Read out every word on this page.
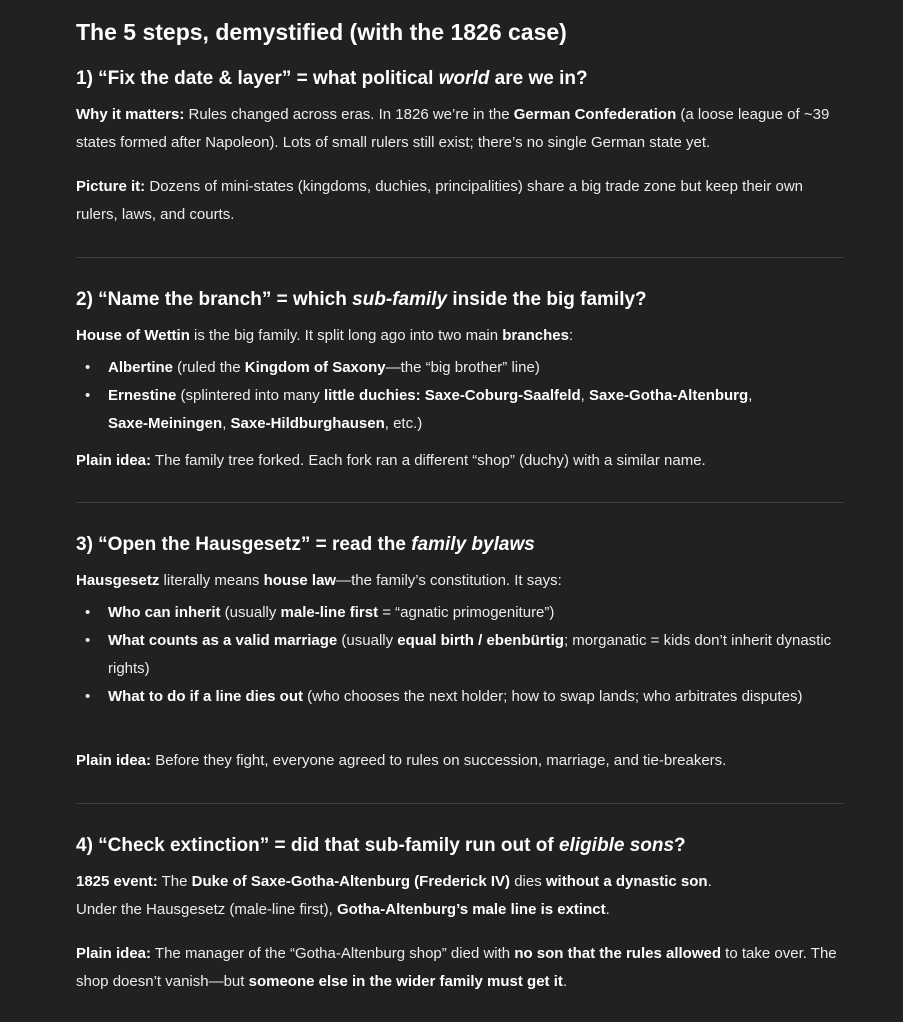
The 5 steps, demystified (with the 1826 case)
1) “Fix the date & layer” = what political world are we in?

Why it matters: Rules changed across eras. In 1826 we’re in the German Confederation (a loose league of ~39 states formed after Napoleon). Lots of small rulers still exist; there’s no single German state yet.

Picture it: Dozens of mini-states (kingdoms, duchies, principalities) share a big trade zone but keep their own rulers, laws, and courts.

2) “Name the branch” = which sub-family inside the big family?

House of Wettin is the big family. It split long ago into two main branches:

• Albertine (ruled the Kingdom of Saxony—the “big brother” line)
• Ernestine (splintered into many little duchies: Saxe-Coburg-Saalfeld, Saxe-Gotha-Altenburg,
Saxe-Meiningen, Saxe-Hildburghausen, etc.)

Plain idea: The family tree forked. Each fork ran a different “shop” (duchy) with a similar name.

3) “Open the Hausgesetz” = read the family bylaws

Hausgesetz literally means house law—the family’s constitution. It says:

• Who can inherit (usually male-line first = “agnatic primogeniture”)
• What counts as a valid marriage (usually equal birth / ebenbürtig; morganatic = kids don’t inherit dynastic rights)
• What to do if a line dies out (who chooses the next holder; how to swap lands; who arbitrates disputes)

Plain idea: Before they fight, everyone agreed to rules on succession, marriage, and tie-breakers.

4) “Check extinction” = did that sub-family run out of eligible sons?

1825 event: The Duke of Saxe-Gotha-Altenburg (Frederick IV) dies without a dynastic son.
Under the Hausgesetz (male-line first), Gotha-Altenburg’s male line is extinct.

Plain idea: The manager of the “Gotha-Altenburg shop” died with no son that the rules allowed to take over. The shop doesn’t vanish—but someone else in the wider family must get it.
